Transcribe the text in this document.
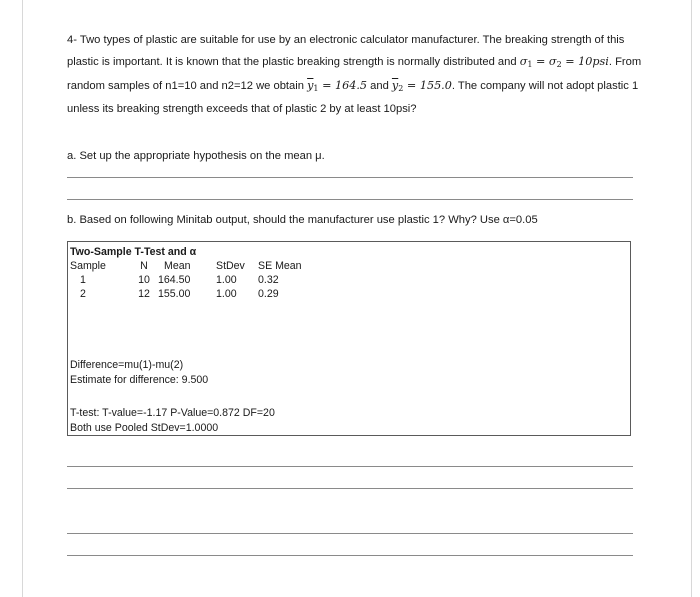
4- Two types of plastic are suitable for use by an electronic calculator manufacturer. The breaking strength of this plastic is important. It is known that the plastic breaking strength is normally distributed and $\sigma_1 = \sigma_2 = 10psi$. From random samples of n1=10 and n2=12 we obtain $\overline{y}_1 = 164.5$ and $\overline{y}_2 = 155.0$. The company will not adopt plastic 1 unless its breaking strength exceeds that of plastic 2 by at least 10psi?

a. Set up the appropriate hypothesis on the mean μ.

b. Based on following Minitab output, should the manufacturer use plastic 1? Why? Use α=0.05

Two-Sample T-Test and α
Sample	N	Mean	StDev	SE Mean
1	10	164.50	1.00	0.32
2	12	155.00	1.00	0.29
Difference=mu(1)-mu(2)
Estimate for difference: 9.500
T-test: T-value=-1.17 P-Value=0.872 DF=20
Both use Pooled StDev=1.0000
